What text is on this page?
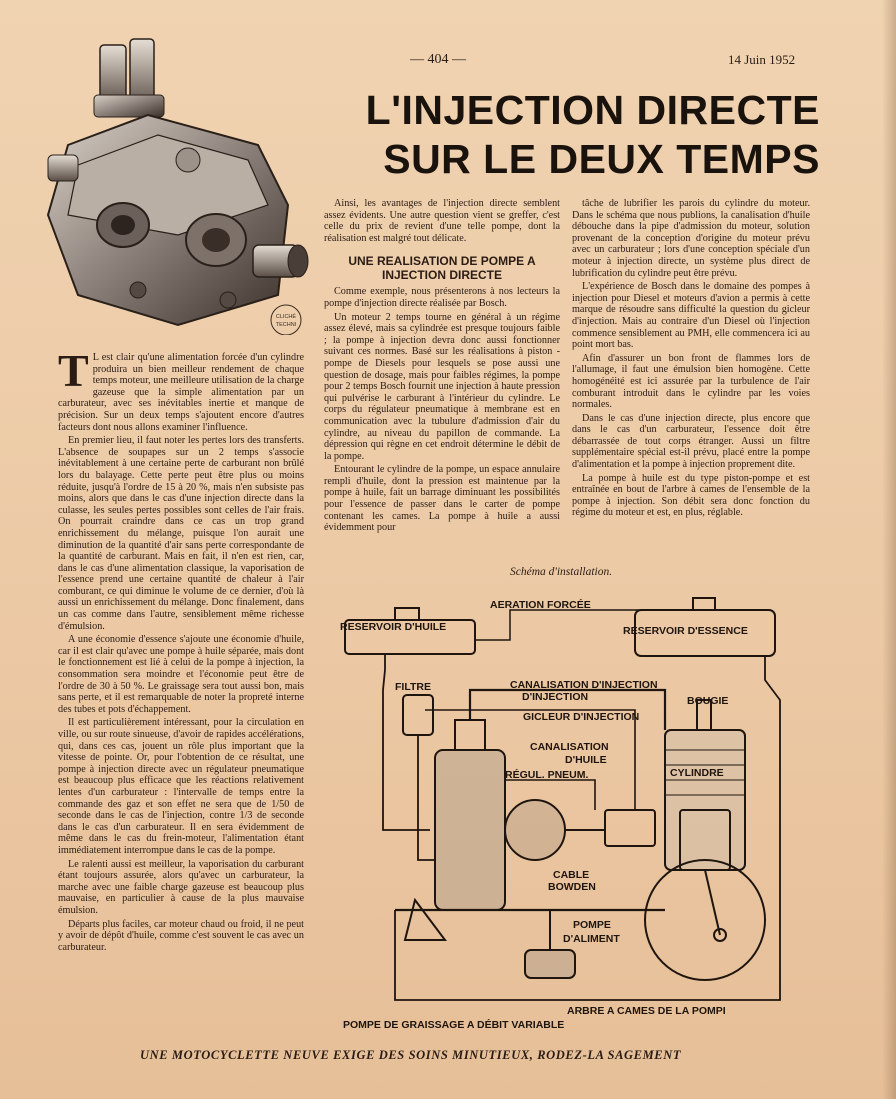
— 404 —	14 Juin 1952
CLICHÉ
TECHNI
L'INJECTION DIRECTE
SUR LE DEUX TEMPS

T L est clair qu'une alimentation forcée d'un cylindre produira un bien meilleur rendement de chaque temps moteur, une meilleure utilisation de la charge gazeuse que la simple alimentation par un carburateur, avec ses inévitables inertie et manque de précision. Sur un deux temps s'ajoutent encore d'autres facteurs dont nous allons examiner l'influence.

En premier lieu, il faut noter les pertes lors des transferts. L'absence de soupapes sur un 2 temps s'associe inévitablement à une certaine perte de carburant non brûlé lors du balayage. Cette perte peut être plus ou moins réduite, jusqu'à l'ordre de 15 à 20 %, mais n'en subsiste pas moins, alors que dans le cas d'une injection directe dans la culasse, les seules pertes possibles sont celles de l'air frais. On pourrait craindre dans ce cas un trop grand enrichissement du mélange, puisque l'on aurait une diminution de la quantité d'air sans perte correspondante de la quantité de carburant. Mais en fait, il n'en est rien, car, dans le cas d'une alimentation classique, la vaporisation de l'essence prend une certaine quantité de chaleur à l'air comburant, ce qui diminue le volume de ce dernier, d'où là aussi un enrichissement du mélange. Donc finalement, dans un cas comme dans l'autre, sensiblement même richesse d'émulsion.

A une économie d'essence s'ajoute une économie d'huile, car il est clair qu'avec une pompe à huile séparée, mais dont le fonctionnement est lié à celui de la pompe à injection, la consommation sera moindre et l'économie peut être de l'ordre de 30 à 50 %. Le graissage sera tout aussi bon, mais sans perte, et il est remarquable de noter la propreté interne des tubes et pots d'échappement.

Il est particulièrement intéressant, pour la circulation en ville, ou sur route sinueuse, d'avoir de rapides accélérations, qui, dans ces cas, jouent un rôle plus important que la vitesse de pointe. Or, pour l'obtention de ce résultat, une pompe à injection directe avec un régulateur pneumatique est beaucoup plus efficace que les réactions relativement lentes d'un carburateur : l'intervalle de temps entre la commande des gaz et son effet ne sera que de 1/50 de seconde dans le cas de l'injection, contre 1/3 de seconde dans le cas d'un carburateur. Il en sera évidemment de même dans le cas du frein-moteur, l'alimentation étant immédiatement interrompue dans le cas de la pompe.

Le ralenti aussi est meilleur, la vaporisation du carburant étant toujours assurée, alors qu'avec un carburateur, la marche avec une faible charge gazeuse est beaucoup plus mauvaise, en particulier à cause de la plus mauvaise émulsion.

Départs plus faciles, car moteur chaud ou froid, il ne peut y avoir de dépôt d'huile, comme c'est souvent le cas avec un carburateur.

Ainsi, les avantages de l'injection directe semblent assez évidents. Une autre question vient se greffer, c'est celle du prix de revient d'une telle pompe, dont la réalisation est malgré tout délicate.

UNE REALISATION DE POMPE A INJECTION DIRECTE

Comme exemple, nous présenterons à nos lecteurs la pompe d'injection directe réalisée par Bosch.

Un moteur 2 temps tourne en général à un régime assez élevé, mais sa cylindrée est presque toujours faible ; la pompe à injection devra donc aussi fonctionner suivant ces normes. Basé sur les réalisations à piston - pompe de Diesels pour lesquels se pose aussi une question de dosage, mais pour faibles régimes, la pompe pour 2 temps Bosch fournit une injection à haute pression qui pulvérise le carburant à l'intérieur du cylindre. Le corps du régulateur pneumatique à membrane est en communication avec la tubulure d'admission d'air du cylindre, au niveau du papillon de commande. La dépression qui règne en cet endroit détermine le débit de la pompe.

Entourant le cylindre de la pompe, un espace annulaire rempli d'huile, dont la pression est maintenue par la pompe à huile, fait un barrage diminuant les possibilités pour l'essence de passer dans le carter de pompe contenant les cames. La pompe à huile a aussi évidemment pour

tâche de lubrifier les parois du cylindre du moteur. Dans le schéma que nous publions, la canalisation d'huile débouche dans la pipe d'admission du moteur, solution provenant de la conception d'origine du moteur prévu avec un carburateur ; lors d'une conception spéciale d'un moteur à injection directe, un système plus direct de lubrification du cylindre peut être prévu.

L'expérience de Bosch dans le domaine des pompes à injection pour Diesel et moteurs d'avion a permis à cette marque de résoudre sans difficulté la question du gicleur d'injection. Mais au contraire d'un Diesel où l'injection commence sensiblement au PMH, elle commencera ici au point mort bas.

Afin d'assurer un bon front de flammes lors de l'allumage, il faut une émulsion bien homogène. Cette homogénéité est ici assurée par la turbulence de l'air comburant introduit dans le cylindre par les voies normales.

Dans le cas d'une injection directe, plus encore que dans le cas d'un carburateur, l'essence doit être débarrassée de tout corps étranger. Aussi un filtre supplémentaire spécial est-il prévu, placé entre la pompe d'alimentation et la pompe à injection proprement dite.

La pompe à huile est du type piston-pompe et est entraînée en bout de l'arbre à cames de l'ensemble de la pompe à injection. Son débit sera donc fonction du régime du moteur et est, en plus, réglable.

Schéma d'installation.
AERATION FORCÉE
RESERVOIR D'HUILE	RESERVOIR D'ESSENCE
FILTRE	CANALISATION D'INJECTION
D'INJECTION	BOUGIE
GICLEUR D'INJECTION
CANALISATION
D'HUILE
RÉGUL. PNEUM.	CYLINDRE
CABLE
BOWDEN
POMPE
D'ALIMENT
ARBRE A CAMES DE LA POMPI
POMPE DE GRAISSAGE A DÉBIT VARIABLE
UNE MOTOCYCLETTE NEUVE EXIGE DES SOINS MINUTIEUX, RODEZ-LA SAGEMENT
